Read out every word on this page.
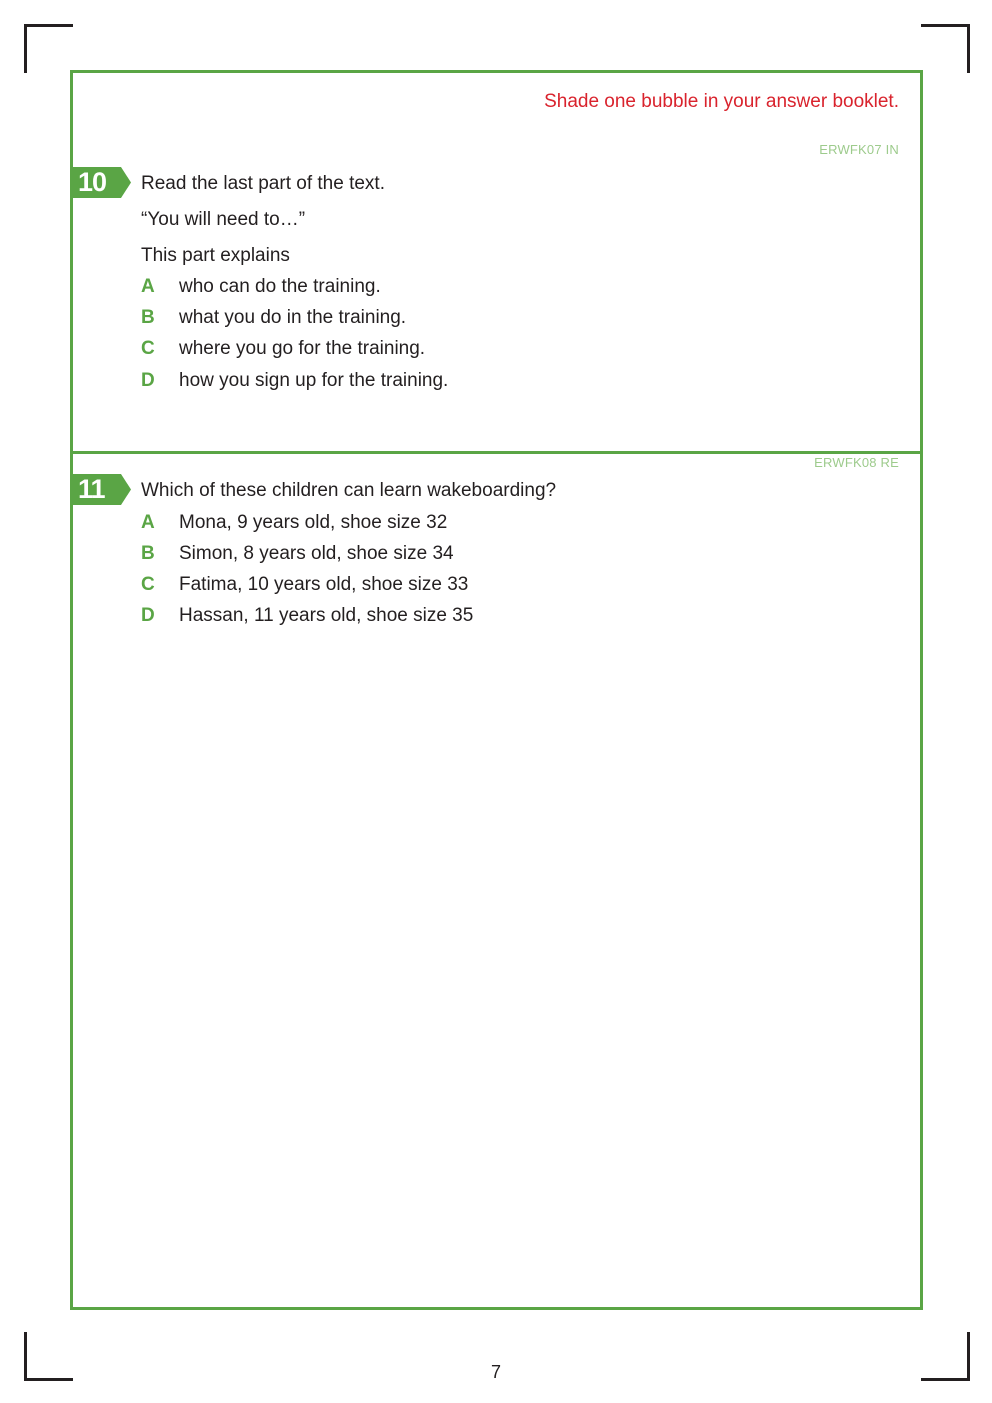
Shade one bubble in your answer booklet.
ERWFK07 IN
10 Read the last part of the text.
“You will need to…”
This part explains
A who can do the training.
B what you do in the training.
C where you go for the training.
D how you sign up for the training.
ERWFK08 RE
11 Which of these children can learn wakeboarding?
A Mona, 9 years old, shoe size 32
B Simon, 8 years old, shoe size 34
C Fatima, 10 years old, shoe size 33
D Hassan, 11 years old, shoe size 35
7
